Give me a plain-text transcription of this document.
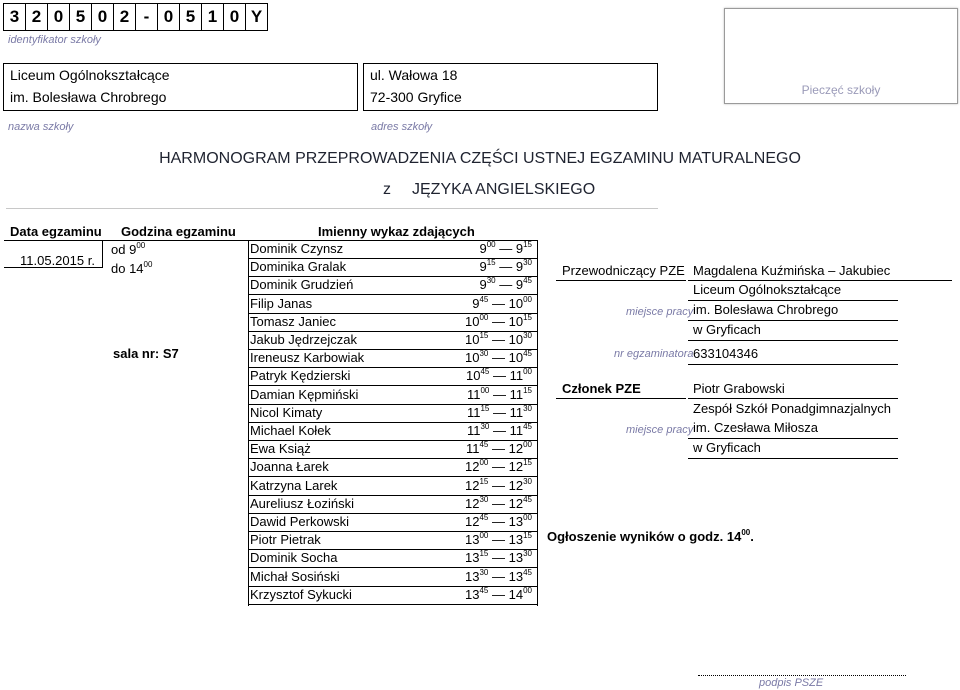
3 2 0 5 0 2 - 0 5 1 0 Y
identyfikator szkoły
Liceum Ogólnokształcące
im. Bolesława Chrobrego
nazwa szkoły
ul. Wałowa 18
72-300 Gryfice
adres szkoły
Pieczęć szkoły
HARMONOGRAM PRZEPROWADZENIA CZĘŚCI USTNEJ EGZAMINU MATURALNEGO
z JĘZYKA ANGIELSKIEGO
Data egzaminu Godzina egzaminu	Imienny wykaz zdających
11.05.2015 r.
od $9^{00}$
do $14^{00}$
sala nr: S7
Dominik Czynsz	$9^{00}$ — $9^{15}$
Dominika Gralak	$9^{15}$ — $9^{30}$
Dominik Grudzień	$9^{30}$ — $9^{45}$
Filip Janas	$9^{45}$ — $10^{00}$
Tomasz Janiec	$10^{00}$ — $10^{15}$
Jakub Jędrzejczak	$10^{15}$ — $10^{30}$
Ireneusz Karbowiak	$10^{30}$ — $10^{45}$
Patryk Kędzierski	$10^{45}$ — $11^{00}$
Damian Kępmiński	$11^{00}$ — $11^{15}$
Nicol Kimaty	$11^{15}$ — $11^{30}$
Michael Kołek	$11^{30}$ — $11^{45}$
Ewa Książ	$11^{45}$ — $12^{00}$
Joanna Łarek	$12^{00}$ — $12^{15}$
Katrzyna Larek	$12^{15}$ — $12^{30}$
Aureliusz Łoziński	$12^{30}$ — $12^{45}$
Dawid Perkowski	$12^{45}$ — $13^{00}$
Piotr Pietrak	$13^{00}$ — $13^{15}$
Dominik Socha	$13^{15}$ — $13^{30}$
Michał Sosiński	$13^{30}$ — $13^{45}$
Krzysztof Sykucki	$13^{45}$ — $14^{00}$
Przewodniczący PZE Magdalena Kuźmińska – Jakubiec
Liceum Ogólnokształcące
im. Bolesława Chrobrego
w Gryficach
miejsce pracy
nr egzaminatora 633104346
Członek PZE	Piotr Grabowski
Zespół Szkół Ponadgimnazjalnych
im. Czesława Miłosza
w Gryficach
miejsce pracy
Ogłoszenie wyników o godz. $14^{00}$.
podpis PSZE
